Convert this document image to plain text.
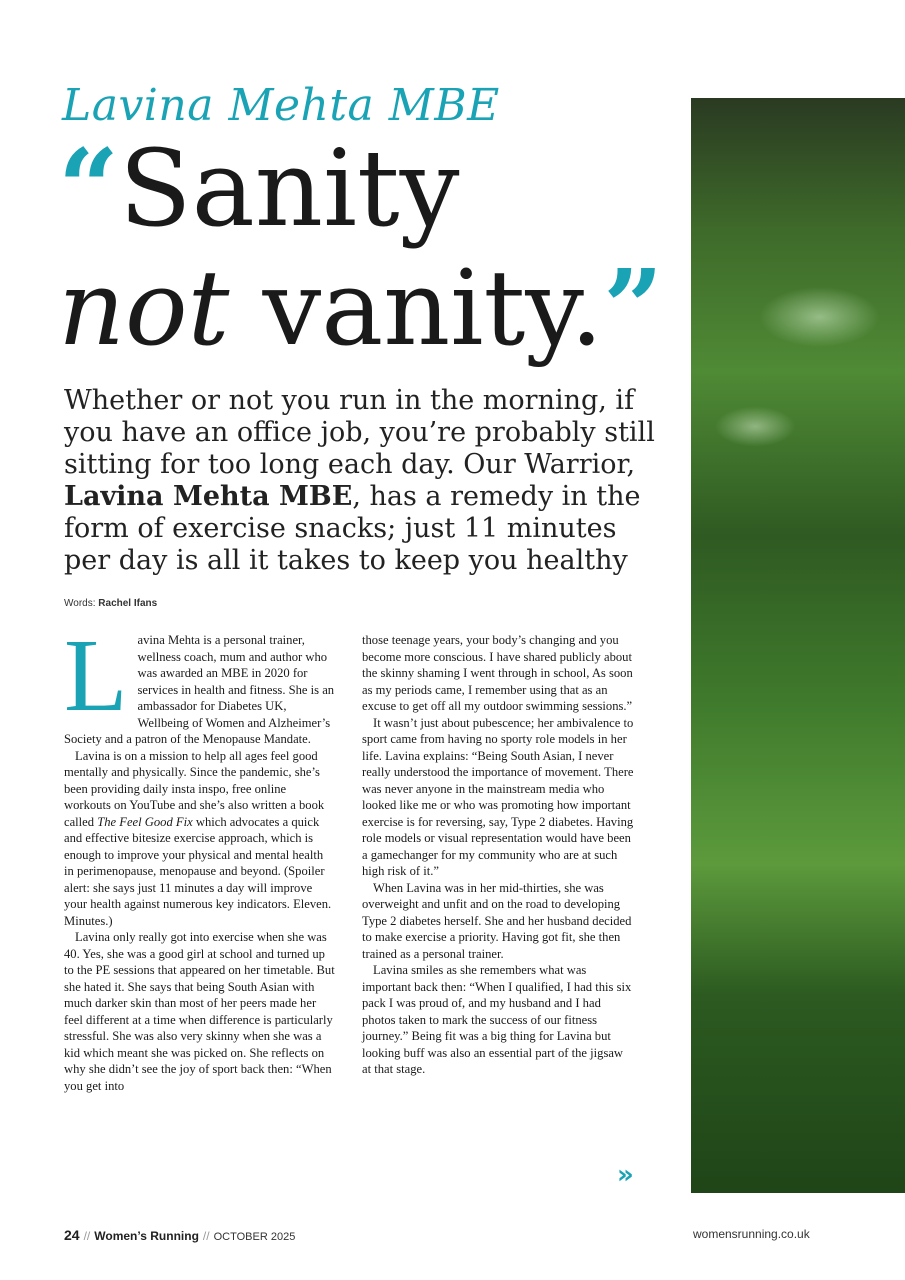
Lavina Mehta MBE
“Sanity
not vanity.”
Whether or not you run in the morning, if you have an office job, you’re probably still sitting for too long each day. Our Warrior, Lavina Mehta MBE, has a remedy in the form of exercise snacks; just 11 minutes per day is all it takes to keep you healthy
Words: Rachel Ifans

Lavina Mehta is a personal trainer, wellness coach, mum and author who was awarded an MBE in 2020 for services in health and fitness. She is an ambassador for Diabetes UK, Wellbeing of Women and Alzheimer’s Society and a patron of the Menopause Mandate.

Lavina is on a mission to help all ages feel good mentally and physically. Since the pandemic, she’s been providing daily insta inspo, free online workouts on YouTube and she’s also written a book called The Feel Good Fix which advocates a quick and effective bitesize exercise approach, which is enough to improve your physical and mental health in perimenopause, menopause and beyond. (Spoiler alert: she says just 11 minutes a day will improve your health against numerous key indicators. Eleven. Minutes.)

Lavina only really got into exercise when she was 40. Yes, she was a good girl at school and turned up to the PE sessions that appeared on her timetable. But she hated it. She says that being South Asian with much darker skin than most of her peers made her feel different at a time when difference is particularly stressful. She was also very skinny when she was a kid which meant she was picked on. She reflects on why she didn’t see the joy of sport back then: “When you get into

those teenage years, your body’s changing and you become more conscious. I have shared publicly about the skinny shaming I went through in school, As soon as my periods came, I remember using that as an excuse to get off all my outdoor swimming sessions.”

It wasn’t just about pubescence; her ambivalence to sport came from having no sporty role models in her life. Lavina explains: “Being South Asian, I never really understood the importance of movement. There was never anyone in the mainstream media who looked like me or who was promoting how important exercise is for reversing, say, Type 2 diabetes. Having role models or visual representation would have been a gamechanger for my community who are at such high risk of it.”

When Lavina was in her mid-thirties, she was overweight and unfit and on the road to developing Type 2 diabetes herself. She and her husband decided to make exercise a priority. Having got fit, she then trained as a personal trainer.

Lavina smiles as she remembers what was important back then: “When I qualified, I had this six pack I was proud of, and my husband and I had photos taken to mark the success of our fitness journey.” Being fit was a big thing for Lavina but looking buff was also an essential part of the jigsaw at that stage.

»
24 // Women’s Running // OCTOBER 2025	womensrunning.co.uk
